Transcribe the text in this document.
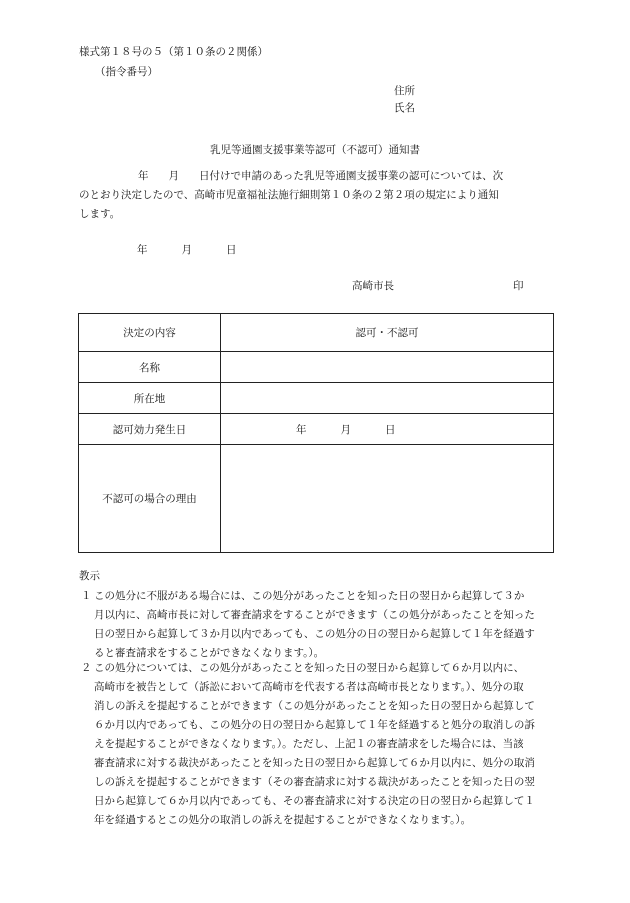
様式第１８号の５（第１０条の２関係）
（指令番号）
住所
氏名
乳児等通園支援事業等認可（不認可）通知書
年 月 日付けで申請のあった乳児等通園支援事業の認可については、次
のとおり決定したので、高崎市児童福祉法施行細則第１０条の２第２項の規定により通知
します。
年	月	日
高崎市長	印
決定の内容	認可・不認可
名称	
所在地	
認可効力発生日	年 月 日
不認可の場合の理由	
教示
１ この処分に不服がある場合には、この処分があったことを知った日の翌日から起算して３か
月以内に、高崎市長に対して審査請求をすることができます（この処分があったことを知った
日の翌日から起算して３か月以内であっても、この処分の日の翌日から起算して１年を経過す
ると審査請求をすることができなくなります。）。
２ この処分については、この処分があったことを知った日の翌日から起算して６か月以内に、
高崎市を被告として（訴訟において高崎市を代表する者は高崎市長となります。）、処分の取
消しの訴えを提起することができます（この処分があったことを知った日の翌日から起算して
６か月以内であっても、この処分の日の翌日から起算して１年を経過すると処分の取消しの訴
えを提起することができなくなります。）。ただし、上記１の審査請求をした場合には、当該
審査請求に対する裁決があったことを知った日の翌日から起算して６か月以内に、処分の取消
しの訴えを提起することができます（その審査請求に対する裁決があったことを知った日の翌
日から起算して６か月以内であっても、その審査請求に対する決定の日の翌日から起算して１
年を経過するとこの処分の取消しの訴えを提起することができなくなります。）。
